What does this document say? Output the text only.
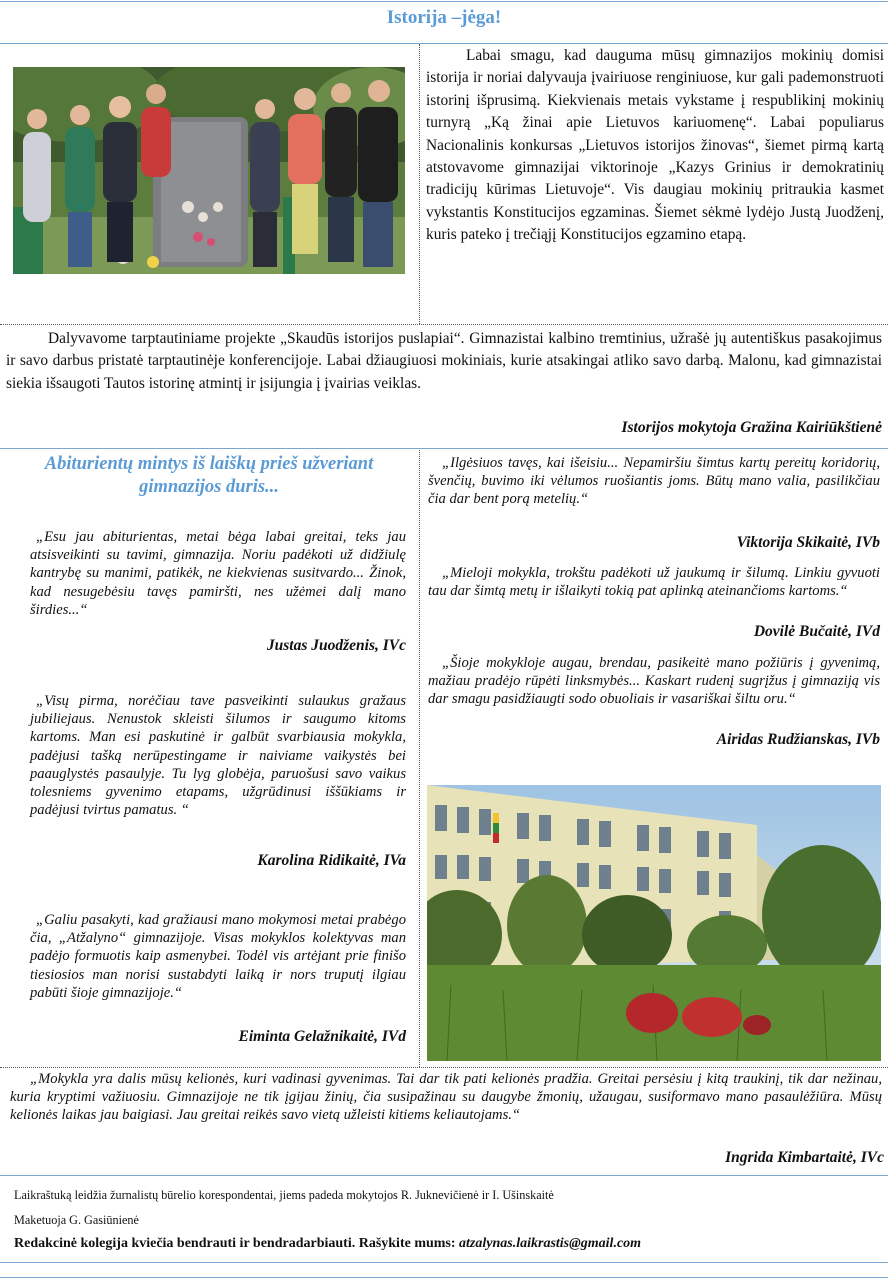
Istorija –jėga!

Labai smagu, kad dauguma mūsų gimnazijos mokinių domisi istorija ir noriai dalyvauja įvairiuose renginiuose, kur gali pademonstruoti istorinį išprusimą. Kiekvienais metais vykstame į respublikinį mokinių turnyrą „Ką žinai apie Lietuvos kariuomenę“. Labai populiarus Nacionalinis konkursas „Lietuvos istorijos žinovas“, šiemet pirmą kartą atstovavome gimnazijai viktorinoje „Kazys Grinius ir demokratinių tradicijų kūrimas Lietuvoje“. Vis daugiau mokinių pritraukia kasmet vykstantis Konstitucijos egzaminas. Šiemet sėkmė lydėjo Justą Juodženį, kuris pateko į trečiąjį Konstitucijos egzamino etapą.

Dalyvavome tarptautiniame projekte „Skaudūs istorijos puslapiai“. Gimnazistai kalbino tremtinius, užrašė jų autentiškus pasakojimus ir savo darbus pristatė tarptautinėje konferencijoje. Labai džiaugiuosi mokiniais, kurie atsakingai atliko savo darbą. Malonu, kad gimnazistai siekia išsaugoti Tautos istorinę atmintį ir įsijungia į įvairias veiklas.

Istorijos mokytoja Gražina Kairiūkštienė
Abiturientų mintys iš laiškų prieš užveriant
gimnazijos duris...

„Esu jau abiturientas, metai bėga labai greitai, teks jau atsisveikinti su tavimi, gimnazija. Noriu padėkoti už didžiulę kantrybę su manimi, patikėk, ne kiekvienas susitvardo... Žinok, kad nesugebėsiu tavęs pamiršti, nes užėmei dalį mano širdies...“

Justas Juodženis, IVc

„Visų pirma, norėčiau tave pasveikinti sulaukus gražaus jubiliejaus. Nenustok skleisti šilumos ir saugumo kitoms kartoms. Man esi paskutinė ir galbūt svarbiausia mokykla, padėjusi tašką nerūpestingame ir naiviame vaikystės bei paauglystės pasaulyje. Tu lyg globėja, paruošusi savo vaikus tolesniems gyvenimo etapams, užgrūdinusi iššūkiams ir padėjusi tvirtus pamatus. “

Karolina Ridikaitė, IVa

„Galiu pasakyti, kad gražiausi mano mokymosi metai prabėgo čia, „Atžalyno“ gimnazijoje. Visas mokyklos kolektyvas man padėjo formuotis kaip asmenybei. Todėl vis artėjant prie finišo tiesiosios man norisi sustabdyti laiką ir nors truputį ilgiau pabūti šioje gimnazijoje.“

Eiminta Gelažnikaitė, IVd

„Ilgėsiuos tavęs, kai išeisiu... Nepamiršiu šimtus kartų pereitų koridorių, švenčių, buvimo iki vėlumos ruošiantis joms. Būtų mano valia, pasilikčiau čia dar bent porą metelių.“

Viktorija Skikaitė, IVb

„Mieloji mokykla, trokštu padėkoti už jaukumą ir šilumą. Linkiu gyvuoti tau dar šimtą metų ir išlaikyti tokią pat aplinką ateinančioms kartoms.“

Dovilė Bučaitė, IVd

„Šioje mokykloje augau, brendau, pasikeitė mano požiūris į gyvenimą, mažiau pradėjo rūpėti linksmybės... Kaskart rudenį sugrįžus į gimnaziją vis dar smagu pasidžiaugti sodo obuoliais ir vasariškai šiltu oru.“

Airidas Rudžianskas, IVb

„Mokykla yra dalis mūsų kelionės, kuri vadinasi gyvenimas. Tai dar tik pati kelionės pradžia. Greitai persėsiu į kitą traukinį, tik dar nežinau, kuria kryptimi važiuosiu. Gimnazijoje ne tik įgijau žinių, čia susipažinau su daugybe žmonių, užaugau, susiformavo mano pasaulėžiūra. Mūsų kelionės laikas jau baigiasi. Jau greitai reikės savo vietą užleisti kitiems keliautojams.“

Ingrida Kimbartaitė, IVc
Laikraštuką leidžia žurnalistų būrelio korespondentai, jiems padeda mokytojos R. Juknevičienė ir I. Ušinskaitė
Maketuoja G. Gasiūnienė
Redakcinė kolegija kviečia bendrauti ir bendradarbiauti. Rašykite mums: atzalynas.laikrastis@gmail.com
